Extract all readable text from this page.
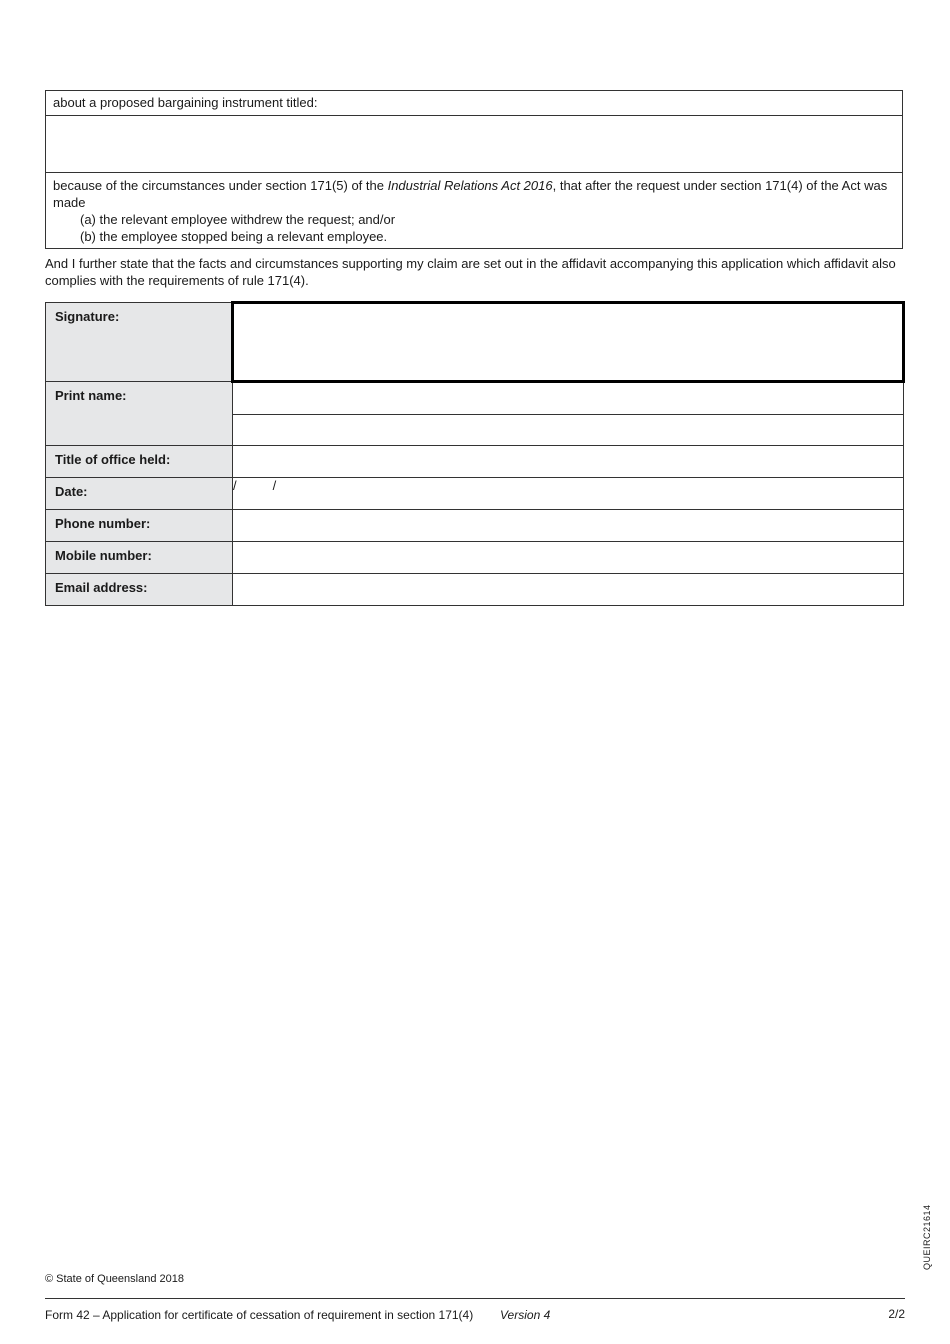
about a proposed bargaining instrument titled:
because of the circumstances under section 171(5) of the Industrial Relations Act 2016, that after the request under section 171(4) of the Act was made
(a) the relevant employee withdrew the request; and/or
(b) the employee stopped being a relevant employee.
And I further state that the facts and circumstances supporting my claim are set out in the affidavit accompanying this application which affidavit also complies with the requirements of rule 171(4).
Signature:	
Print name:	

Title of office held:	
Date:	/ /
Phone number:	
Mobile number:	
Email address:	
© State of Queensland 2018
Form 42 – Application for certificate of cessation of requirement in section 171(4) Version 4	2/2
QUEIRC21614
